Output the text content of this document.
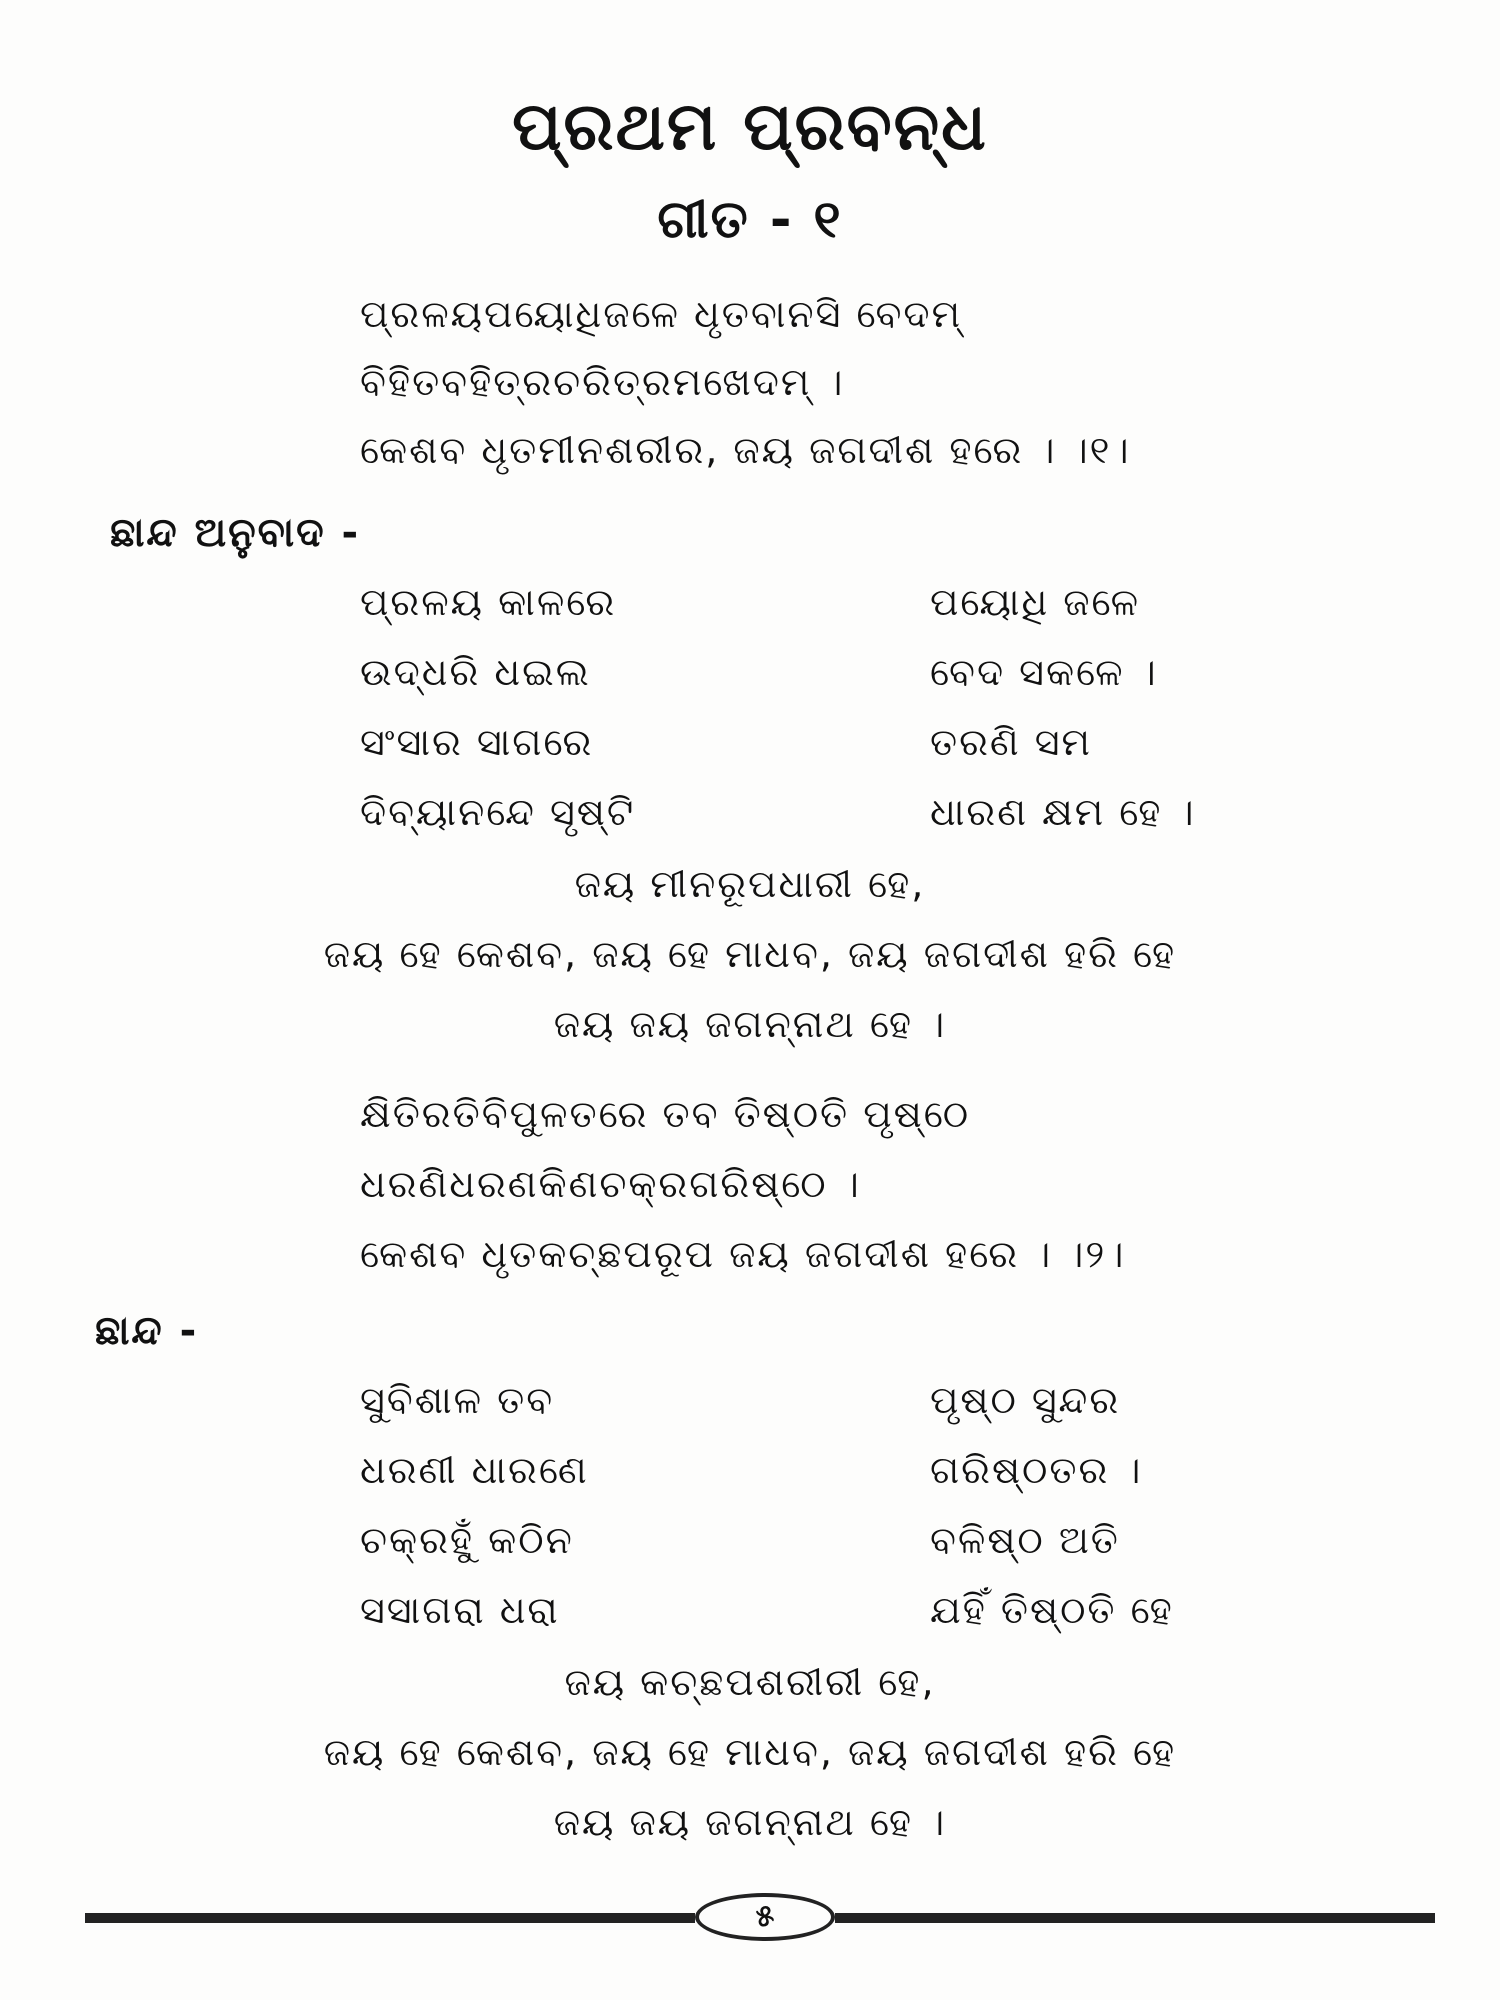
ପ୍ରଥମ ପ୍ରବନ୍ଧ
ଗୀତ - ୧
ପ୍ରଳୟପୟୋଧିଜଳେ ଧୃତବାନସି ବେଦମ୍
ବିହିତବହିତ୍ରଚରିତ୍ରମଖେଦମ୍ ।
କେଶବ ଧୃତମୀନଶରୀର, ଜୟ ଜଗଦୀଶ ହରେ । ।୧।
ଛାନ୍ଦ ଅନୁବାଦ -
ପ୍ରଳୟ କାଳରେ	ପୟୋଧି ଜଳେ
ଉଦ୍ଧରି ଧଇଲ	ବେଦ ସକଳେ ।
ସଂସାର ସାଗରେ	ତରଣି ସମ
ଦିବ୍ୟାନନ୍ଦେ ସୃଷ୍ଟି	ଧାରଣ କ୍ଷମ ହେ ।
ଜୟ ମୀନରୂପଧାରୀ ହେ,
ଜୟ ହେ କେଶବ, ଜୟ ହେ ମାଧବ, ଜୟ ଜଗଦୀଶ ହରି ହେ
ଜୟ ଜୟ ଜଗନ୍ନାଥ ହେ ।
କ୍ଷିତିରତିବିପୁଳତରେ ତବ ତିଷ୍ଠତି ପୃଷ୍ଠେ
ଧରଣିଧରଣକିଣଚକ୍ରଗରିଷ୍ଠେ ।
କେଶବ ଧୃତକଚ୍ଛପରୂପ ଜୟ ଜଗଦୀଶ ହରେ । ।୨।
ଛାନ୍ଦ -
ସୁବିଶାଳ ତବ	ପୃଷ୍ଠ ସୁନ୍ଦର
ଧରଣୀ ଧାରଣେ	ଗରିଷ୍ଠତର ।
ଚକ୍ରହୁଁ କଠିନ	ବଳିଷ୍ଠ ଅତି
ସସାଗରା ଧରା	ଯହିଁ ତିଷ୍ଠତି ହେ
ଜୟ କଚ୍ଛପଶରୀରୀ ହେ,
ଜୟ ହେ କେଶବ, ଜୟ ହେ ମାଧବ, ଜୟ ଜଗଦୀଶ ହରି ହେ
ଜୟ ଜୟ ଜଗନ୍ନାଥ ହେ ।
୫
